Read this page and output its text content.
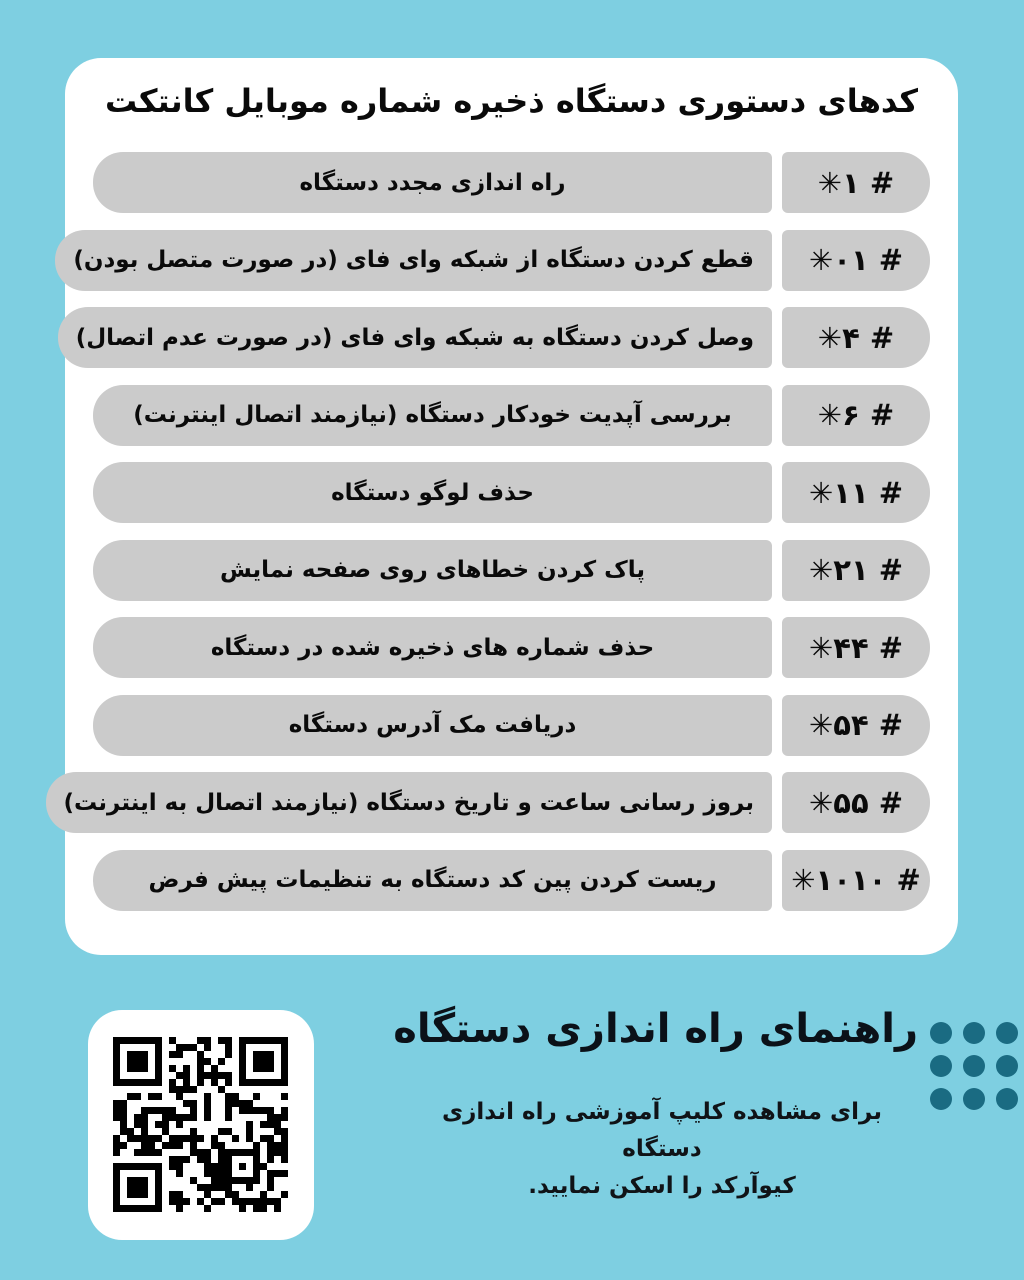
کدهای دستوری دستگاه ذخیره شماره موبایل کانتکت
✳۱ #
راه اندازی مجدد دستگاه
✳۰۱ #
قطع کردن دستگاه از شبکه وای فای (در صورت متصل بودن)
✳۴ #
وصل کردن دستگاه به شبکه وای فای (در صورت عدم اتصال)
✳۶ #
بررسی آپدیت خودکار دستگاه (نیازمند اتصال اینترنت)
✳۱۱ #
حذف لوگو دستگاه
✳۲۱ #
پاک کردن خطاهای روی صفحه نمایش
✳۴۴ #
حذف شماره های ذخیره شده در دستگاه
✳۵۴ #
دریافت مک آدرس دستگاه
✳۵۵ #
بروز رسانی ساعت و تاریخ دستگاه (نیازمند اتصال به اینترنت)
✳۱۰۱۰ #
ریست کردن پین کد دستگاه به تنظیمات پیش فرض
راهنمای راه اندازی دستگاه
برای مشاهده کلیپ آموزشی راه اندازی دستگاه
کیوآرکد را اسکن نمایید.
